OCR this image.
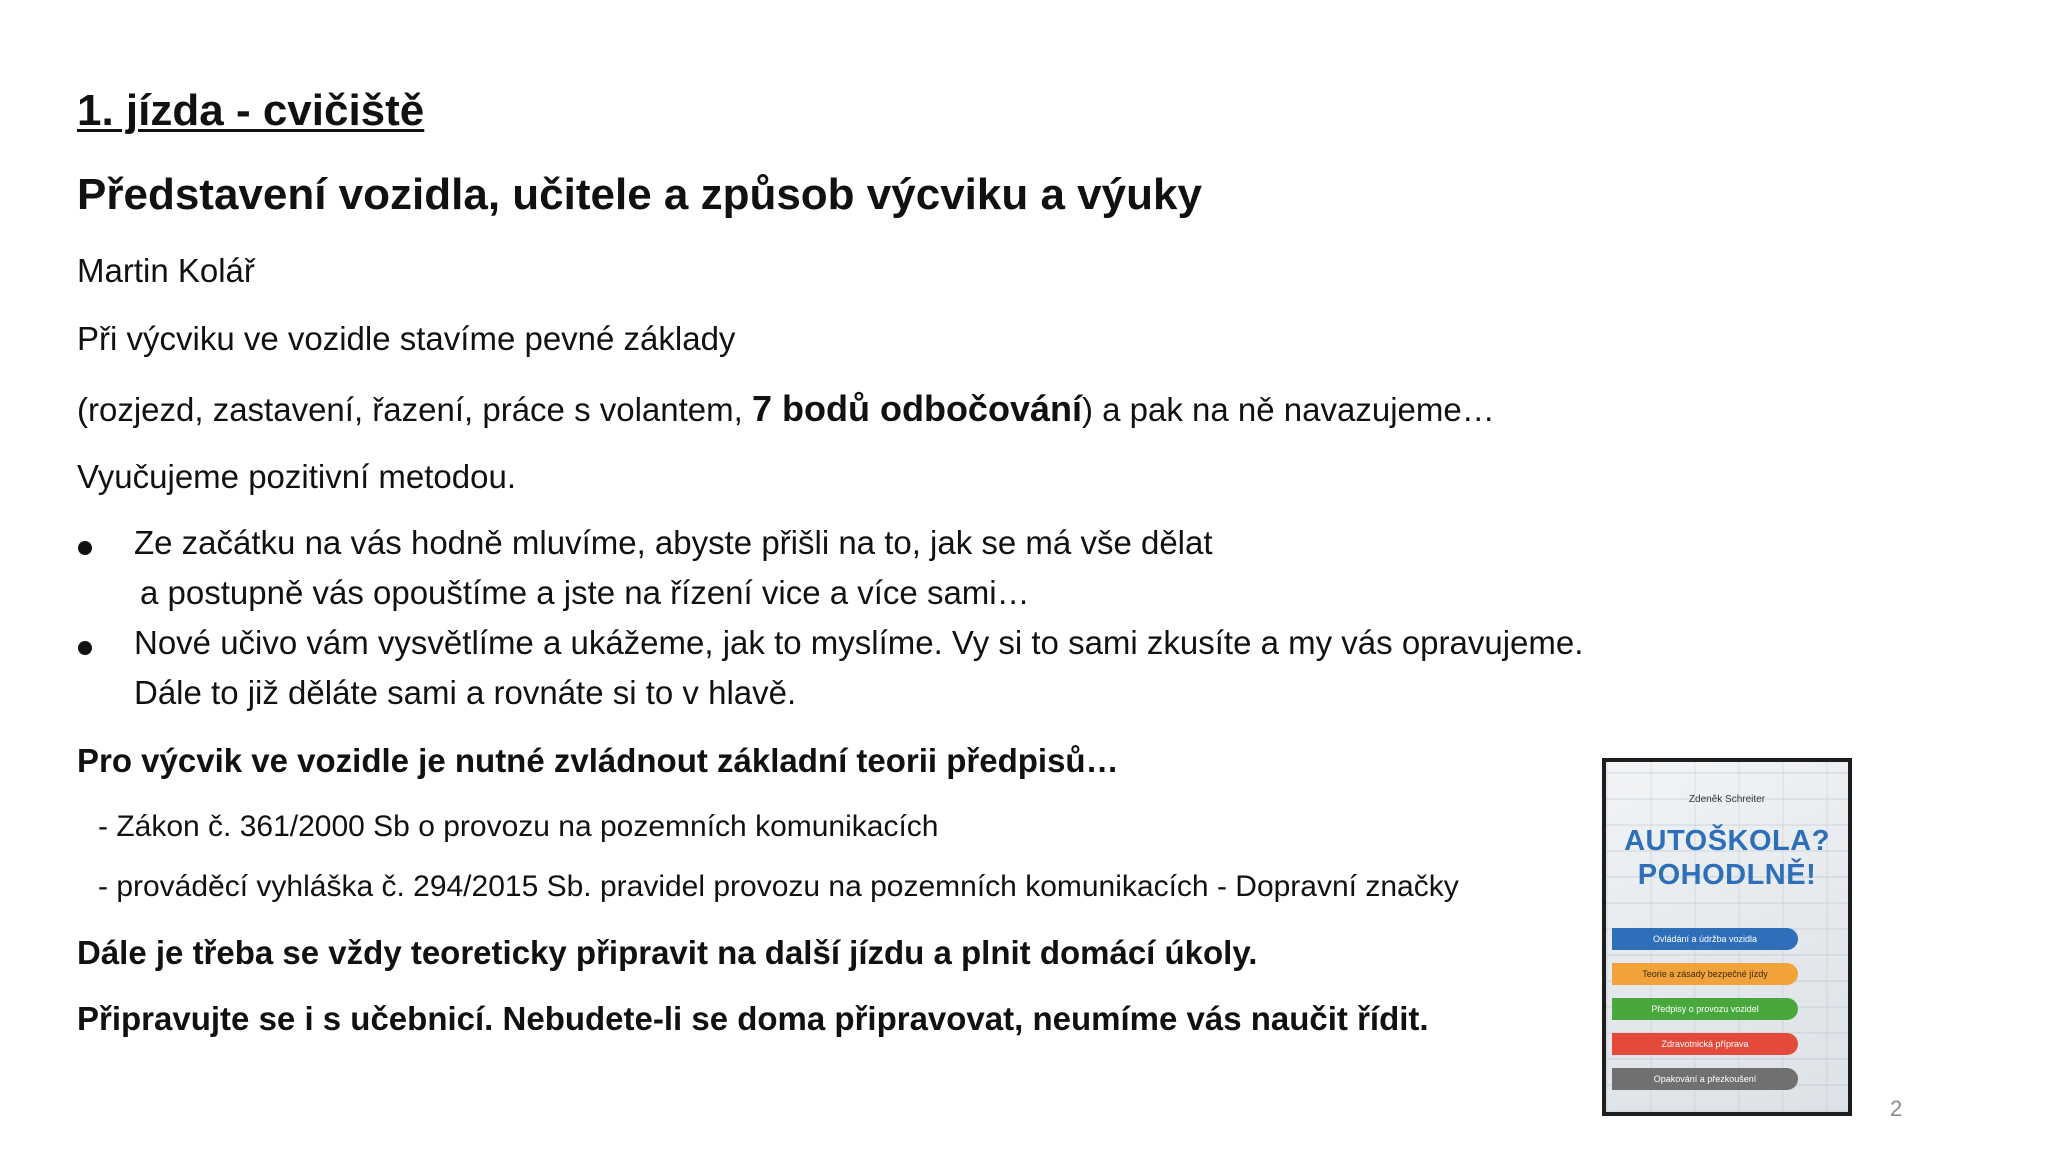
1. jízda - cvičiště
Představení vozidla, učitele a způsob výcviku a výuky
Martin Kolář
Při výcviku ve vozidle stavíme pevné základy
(rozjezd, zastavení, řazení, práce s volantem, 7 bodů odbočování) a pak na ně navazujeme…
Vyučujeme pozitivní metodou.
Ze začátku na vás hodně mluvíme, abyste přišli na to, jak se má vše dělat
a postupně vás opouštíme a jste na řízení vice a více sami…
Nové učivo vám vysvětlíme a ukážeme, jak to myslíme. Vy si to sami zkusíte a my vás opravujeme.
Dále to již děláte sami a rovnáte si to v hlavě.
Pro výcvik ve vozidle je nutné zvládnout základní teorii předpisů…
- Zákon č. 361/2000 Sb o provozu na pozemních komunikacích
- prováděcí vyhláška č. 294/2015 Sb. pravidel provozu na pozemních komunikacích - Dopravní značky
Dále je třeba se vždy teoreticky připravit na další jízdu a plnit domácí úkoly.
Připravujte se i s učebnicí. Nebudete-li se doma připravovat, neumíme vás naučit řídit.
Zdeněk Schreiter
AUTOŠKOLA?
POHODLNĚ!
Ovládání a údržba vozidla
Teorie a zásady bezpečné jízdy
Předpisy o provozu vozidel
Zdravotnická příprava
Opakování a přezkoušení
2
